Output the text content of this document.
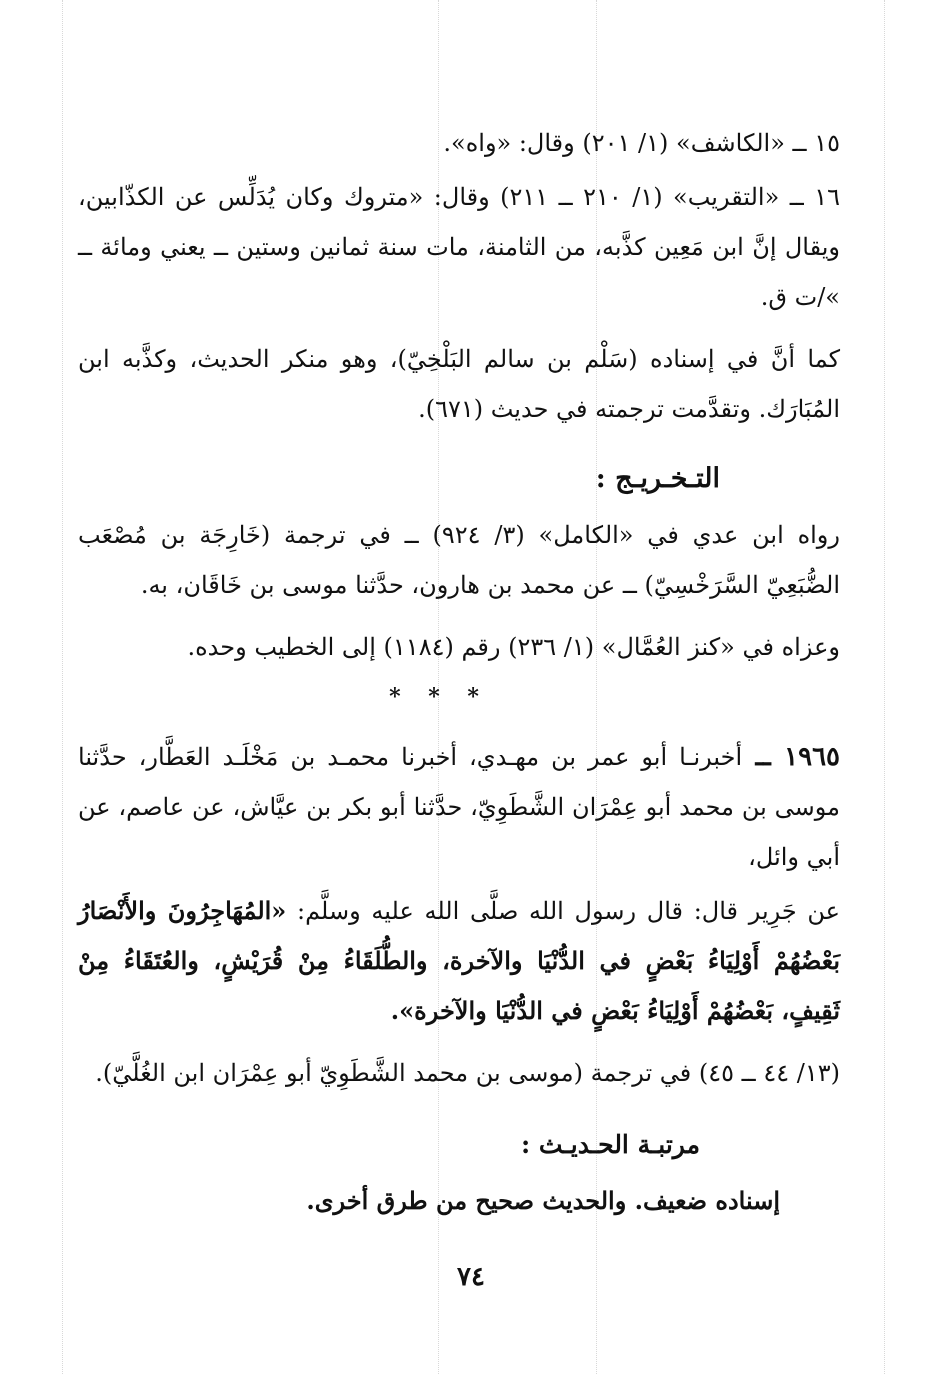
١٥ ــ «الكاشف» (١/ ٢٠١) وقال: «واه».

١٦ ــ «التقريب» (١/ ٢١٠ ــ ٢١١) وقال: «متروك وكان يُدَلِّس عن الكذّابين، ويقال إنَّ ابن مَعِين كذَّبه، من الثامنة، مات سنة ثمانين وستين ــ يعني ومائة ــ »/ت ق.

كما أنَّ في إسناده (سَلْم بن سالم البَلْخِيّ)، وهو منكر الحديث، وكذَّبه ابن المُبَارَك. وتقدَّمت ترجمته في حديث (٦٧١).

التـخـريـج :

رواه ابن عدي في «الكامل» (٣/ ٩٢٤) ــ في ترجمة (خَارِجَة بن مُصْعَب الضُّبَعِيّ السَّرَخْسِيّ) ــ عن محمد بن هارون، حدَّثنا موسى بن خَاقَان، به.

وعزاه في «كنز العُمَّال» (١/ ٢٣٦) رقم (١١٨٤) إلى الخطيب وحده.

* * *

١٩٦٥ ــ أخبرنـا أبو عمر بن مهـدي، أخبرنا محمـد بن مَخْلَـد العَطَّار، حدَّثنا موسى بن محمد أبو عِمْرَان الشَّطَوِيّ، حدَّثنا أبو بكر بن عيَّاش، عن عاصم، عن أبي وائل،

عن جَرِير قال: قال رسول الله صلَّى الله عليه وسلَّم: «المُهَاجِرُونَ والأَنْصَارُ بَعْضُهُمْ أَوْلِيَاءُ بَعْضٍ في الدُّنْيَا والآخرة، والطُّلَقَاءُ مِنْ قُرَيْشٍ، والعُتَقَاءُ مِنْ ثَقِيفٍ، بَعْضُهُمْ أَوْلِيَاءُ بَعْضٍ في الدُّنْيَا والآخرة».

(١٣/ ٤٤ ــ ٤٥) في ترجمة (موسى بن محمد الشَّطَوِيّ أبو عِمْرَان ابن الغُلَّيّ).

مرتبـة الحـديـث :

إسناده ضعيف. والحديث صحيح من طرق أخرى.

٧٤
